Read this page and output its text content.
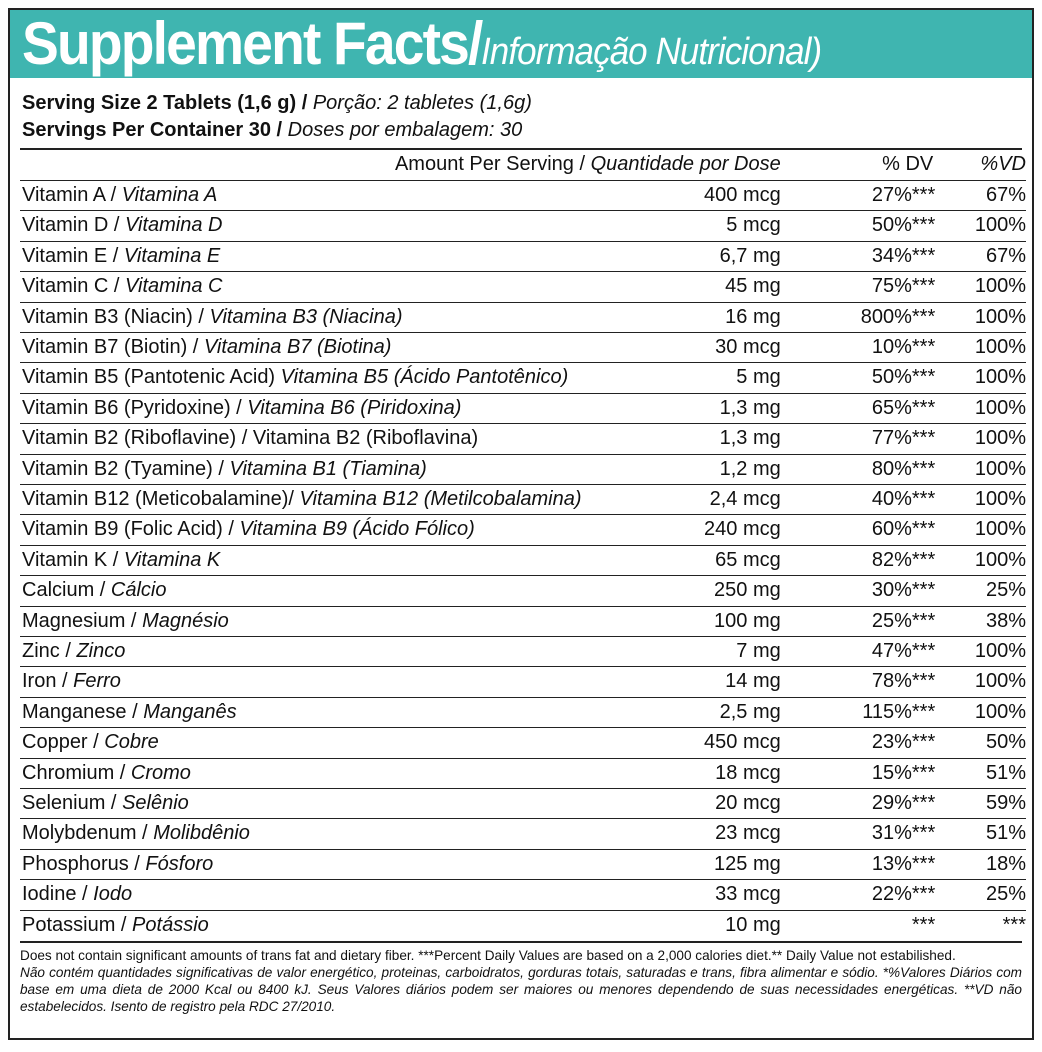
Supplement Facts/ Informação Nutricional)
Serving Size 2 Tablets (1,6 g) / Porção: 2 tabletes (1,6g)
Servings Per Container 30 / Doses por embalagem: 30

	Amount Per Serving / Quantidade por Dose	% DV	%VD
Vitamin A / Vitamina A	400 mcg	27%***	67%
Vitamin D / Vitamina D	5 mcg	50%***	100%
Vitamin E / Vitamina E	6,7 mg	34%***	67%
Vitamin C / Vitamina C	45 mg	75%***	100%
Vitamin B3 (Niacin) / Vitamina B3 (Niacina)	16 mg	800%***	100%
Vitamin B7 (Biotin) / Vitamina B7 (Biotina)	30 mcg	10%***	100%
Vitamin B5 (Pantotenic Acid) Vitamina B5 (Ácido Pantotênico)	5 mg	50%***	100%
Vitamin B6 (Pyridoxine) / Vitamina B6 (Piridoxina)	1,3 mg	65%***	100%
Vitamin B2 (Riboflavine) / Vitamina B2 (Riboflavina)	1,3 mg	77%***	100%
Vitamin B2 (Tyamine) / Vitamina B1 (Tiamina)	1,2 mg	80%***	100%
Vitamin B12 (Meticobalamine)/ Vitamina B12 (Metilcobalamina)	2,4 mcg	40%***	100%
Vitamin B9 (Folic Acid) / Vitamina B9 (Ácido Fólico)	240 mcg	60%***	100%
Vitamin K / Vitamina K	65 mcg	82%***	100%
Calcium / Cálcio	250 mg	30%***	25%
Magnesium / Magnésio	100 mg	25%***	38%
Zinc / Zinco	7 mg	47%***	100%
Iron / Ferro	14 mg	78%***	100%
Manganese / Manganês	2,5 mg	115%***	100%
Copper / Cobre	450 mcg	23%***	50%
Chromium / Cromo	18 mcg	15%***	51%
Selenium / Selênio	20 mcg	29%***	59%
Molybdenum / Molibdênio	23 mcg	31%***	51%
Phosphorus / Fósforo	125 mg	13%***	18%
Iodine / Iodo	33 mcg	22%***	25%
Potassium / Potássio	10 mg	***	***
Does not contain significant amounts of trans fat and dietary fiber. ***Percent Daily Values are based on a 2,000 calories diet.** Daily Value not estabilished.
Não contém quantidades significativas de valor energético, proteinas, carboidratos, gorduras totais, saturadas e trans, fibra alimentar e sódio. *%Valores Diários com base em uma dieta de 2000 Kcal ou 8400 kJ. Seus Valores diários podem ser maiores ou menores dependendo de suas necessidades energéticas. **VD não estabelecidos. Isento de registro pela RDC 27/2010.
